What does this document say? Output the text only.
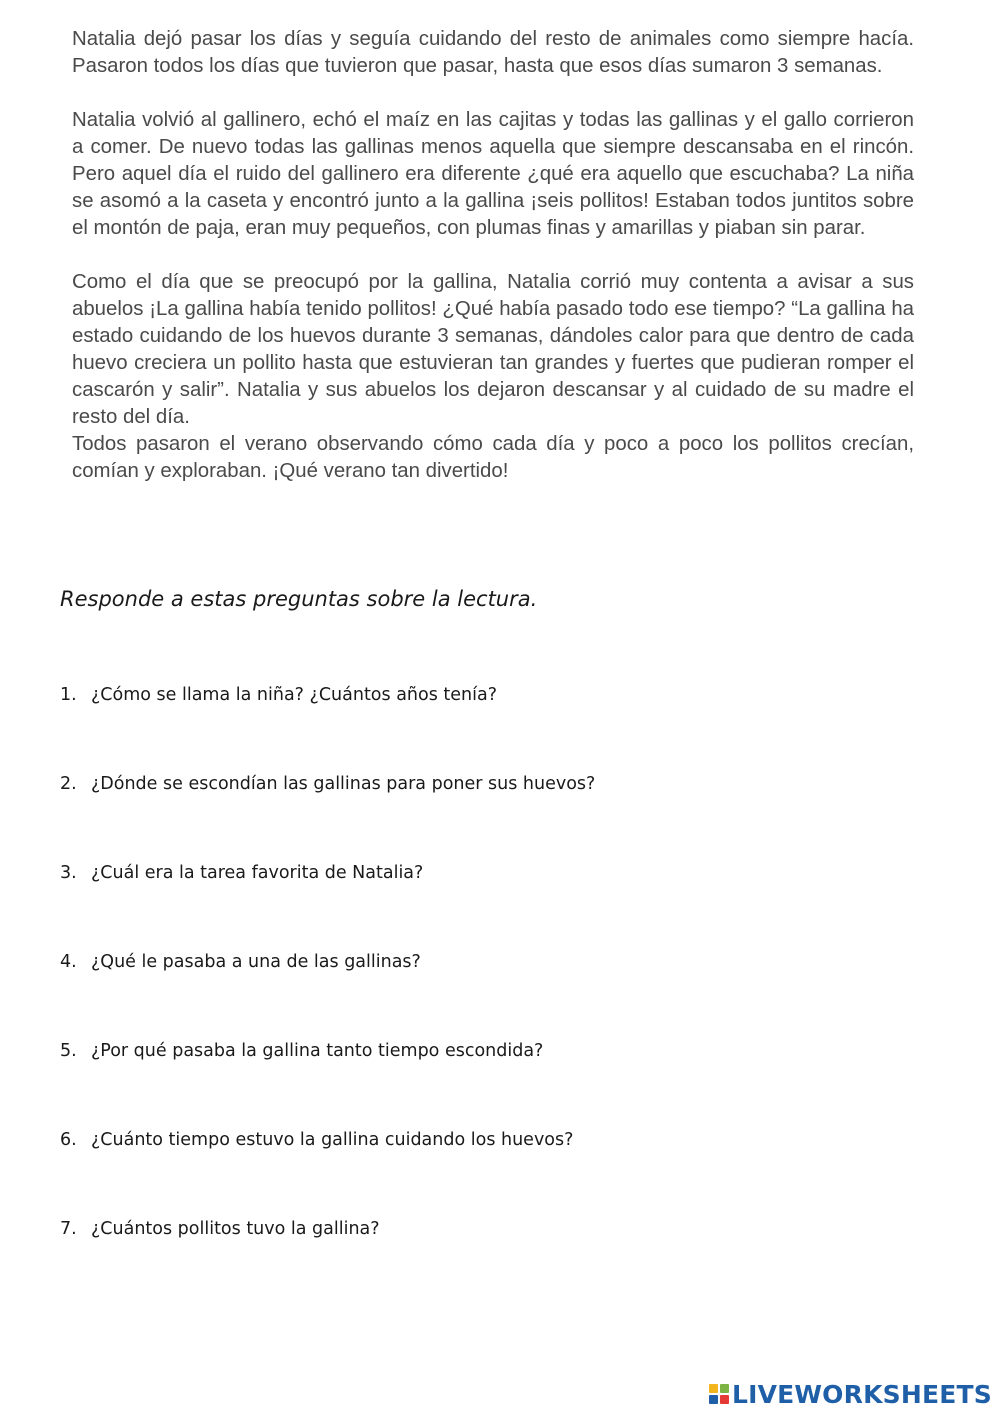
Natalia dejó pasar los días y seguía cuidando del resto de animales como siempre hacía. Pasaron todos los días que tuvieron que pasar, hasta que esos días sumaron 3 semanas.

Natalia volvió al gallinero, echó el maíz en las cajitas y todas las gallinas y el gallo corrieron a comer. De nuevo todas las gallinas menos aquella que siempre descansaba en el rincón. Pero aquel día el ruido del gallinero era diferente ¿qué era aquello que escuchaba? La niña se asomó a la caseta y encontró junto a la gallina ¡seis pollitos! Estaban todos juntitos sobre el montón de paja, eran muy pequeños, con plumas finas y amarillas y piaban sin parar.

Como el día que se preocupó por la gallina, Natalia corrió muy contenta a avisar a sus abuelos ¡La gallina había tenido pollitos! ¿Qué había pasado todo ese tiempo? “La gallina ha estado cuidando de los huevos durante 3 semanas, dándoles calor para que dentro de cada huevo creciera un pollito hasta que estuvieran tan grandes y fuertes que pudieran romper el cascarón y salir”. Natalia y sus abuelos los dejaron descansar y al cuidado de su madre el resto del día.

Todos pasaron el verano observando cómo cada día y poco a poco los pollitos crecían, comían y exploraban. ¡Qué verano tan divertido!

Responde a estas preguntas sobre la lectura.
1. ¿Cómo se llama la niña? ¿Cuántos años tenía?
2. ¿Dónde se escondían las gallinas para poner sus huevos?
3. ¿Cuál era la tarea favorita de Natalia?
4. ¿Qué le pasaba a una de las gallinas?
5. ¿Por qué pasaba la gallina tanto tiempo escondida?
6. ¿Cuánto tiempo estuvo la gallina cuidando los huevos?
7. ¿Cuántos pollitos tuvo la gallina?
LIVEWORKSHEETS
